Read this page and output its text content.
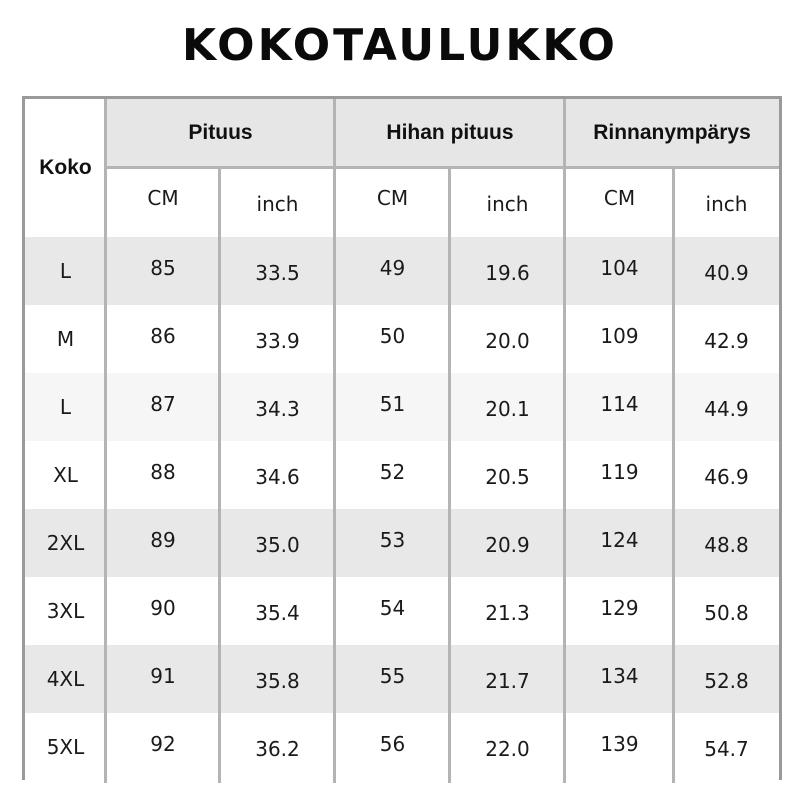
KOKOTAULUKKO
Koko
Pituus
CM	inch
Hihan pituus
CM	inch
Rinnanympärys
CM	inch
L	85	33.5	49	19.6	104	40.9
M	86	33.9	50	20.0	109	42.9
L	87	34.3	51	20.1	114	44.9
XL	88	34.6	52	20.5	119	46.9
2XL	89	35.0	53	20.9	124	48.8
3XL	90	35.4	54	21.3	129	50.8
4XL	91	35.8	55	21.7	134	52.8
5XL	92	36.2	56	22.0	139	54.7
